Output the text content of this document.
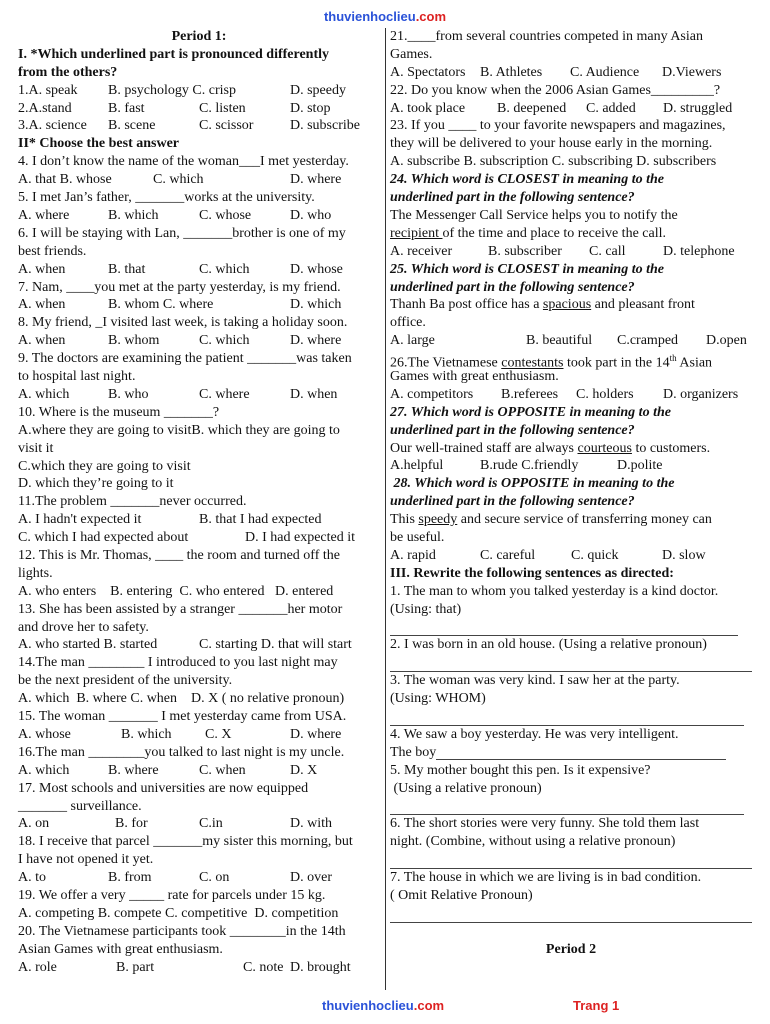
thuvienhoclieu.com
Period 1:
I. *Which underlined part is pronounced differently
from the others?
1.A. speak	B. psychology C. crisp	D. speedy
2.A.stand	B. fast	C. listen	D. stop
3.A. science	B. scene	C. scissor	D. subscribe
II* Choose the best answer
4. I don’t know the name of the woman___I met yesterday.
A. that B. whose	C. which	D. where
5. I met Jan’s father, _______works at the university.
A. where	B. which	C. whose	D. who
6. I will be staying with Lan, _______brother is one of my
best friends.
A. when	B. that	C. which	D. whose
7. Nam, ____you met at the party yesterday, is my friend.
A. when	B. whom C. where	D. which
8. My friend, _I visited last week, is taking a holiday soon.
A. when	B. whom	C. which	D. where
9. The doctors are examining the patient _______was taken
to hospital last night.
A. which	B. who	C. where	D. when
10. Where is the museum _______?
A.where they are going to visitB. which they are going to
visit it
C.which they are going to visit
D. which they’re going to it
11.The problem _______never occurred.
A. I hadn't expected it	B. that I had expected
C. which I had expected about	D. I had expected it
12. This is Mr. Thomas, ____ the room and turned off the
lights.
A. who enters    B. entering  C. who entered   D. entered
13. She has been assisted by a stranger _______her motor
and drove her to safety.
A. who started B. started	C. starting D. that will start
14.The man ________ I introduced to you last night may
be the next president of the university.
A. which  B. where C. when    D. X ( no relative pronoun)
15. The woman _______ I met yesterday came from USA.
A. whose	B. which	C. X	D. where
16.The man ________you talked to last night is my uncle.
A. which	B. where	C. when	D. X
17. Most schools and universities are now equipped
_______ surveillance.
A. on	B. for	C.in	D. with
18. I receive that parcel _______my sister this morning, but
I have not opened it yet.
A. to	B. from	C. on	D. over
19. We offer a very _____ rate for parcels under 15 kg.
A. competing B. compete C. competitive  D. competition
20. The Vietnamese participants took ________in the 14th
Asian Games with great enthusiasm.
A. role	B. part	C. note D. brought
21.____from several countries competed in many Asian
Games.
A. Spectators	B. Athletes	C. Audience	D.Viewers
22. Do you know when the 2006 Asian Games_________?
A. took place	B. deepened	C. added	D. struggled
23. If you ____ to your favorite newspapers and magazines,
they will be delivered to your house early in the morning.
A. subscribe B. subscription C. subscribing D. subscribers
24. Which word is CLOSEST in meaning to the
underlined part in the following sentence?
The Messenger Call Service helps you to notify the
recipient of the time and place to receive the call.
A. receiver	B. subscriber	C. call	D. telephone
25. Which word is CLOSEST in meaning to the
underlined part in the following sentence?
Thanh Ba post office has a spacious and pleasant front
office.
A. large	B. beautiful	C.cramped	D.open
26.The Vietnamese contestants took part in the 14th Asian
Games with great enthusiasm.
A. competitors	B.referees	C. holders	D. organizers
27. Which word is OPPOSITE in meaning to the
underlined part in the following sentence?
Our well-trained staff are always courteous to customers.
A.helpful	B.rude C.friendly	D.polite
28. Which word is OPPOSITE in meaning to the
underlined part in the following sentence?
This speedy and secure service of transferring money can
be useful.
A. rapid	C. careful	C. quick	D. slow
III. Rewrite the following sentences as directed:
1. The man to whom you talked yesterday is a kind doctor.
(Using: that)
2. I was born in an old house. (Using a relative pronoun)
3. The woman was very kind. I saw her at the party.
(Using: WHOM)
4. We saw a boy yesterday. He was very intelligent.
The boy
5. My mother bought this pen. Is it expensive?
(Using a relative pronoun)
6. The short stories were very funny. She told them last
night. (Combine, without using a relative pronoun)
7. The house in which we are living is in bad condition.
( Omit Relative Pronoun)
Period 2
thuvienhoclieu.com	Trang 1
